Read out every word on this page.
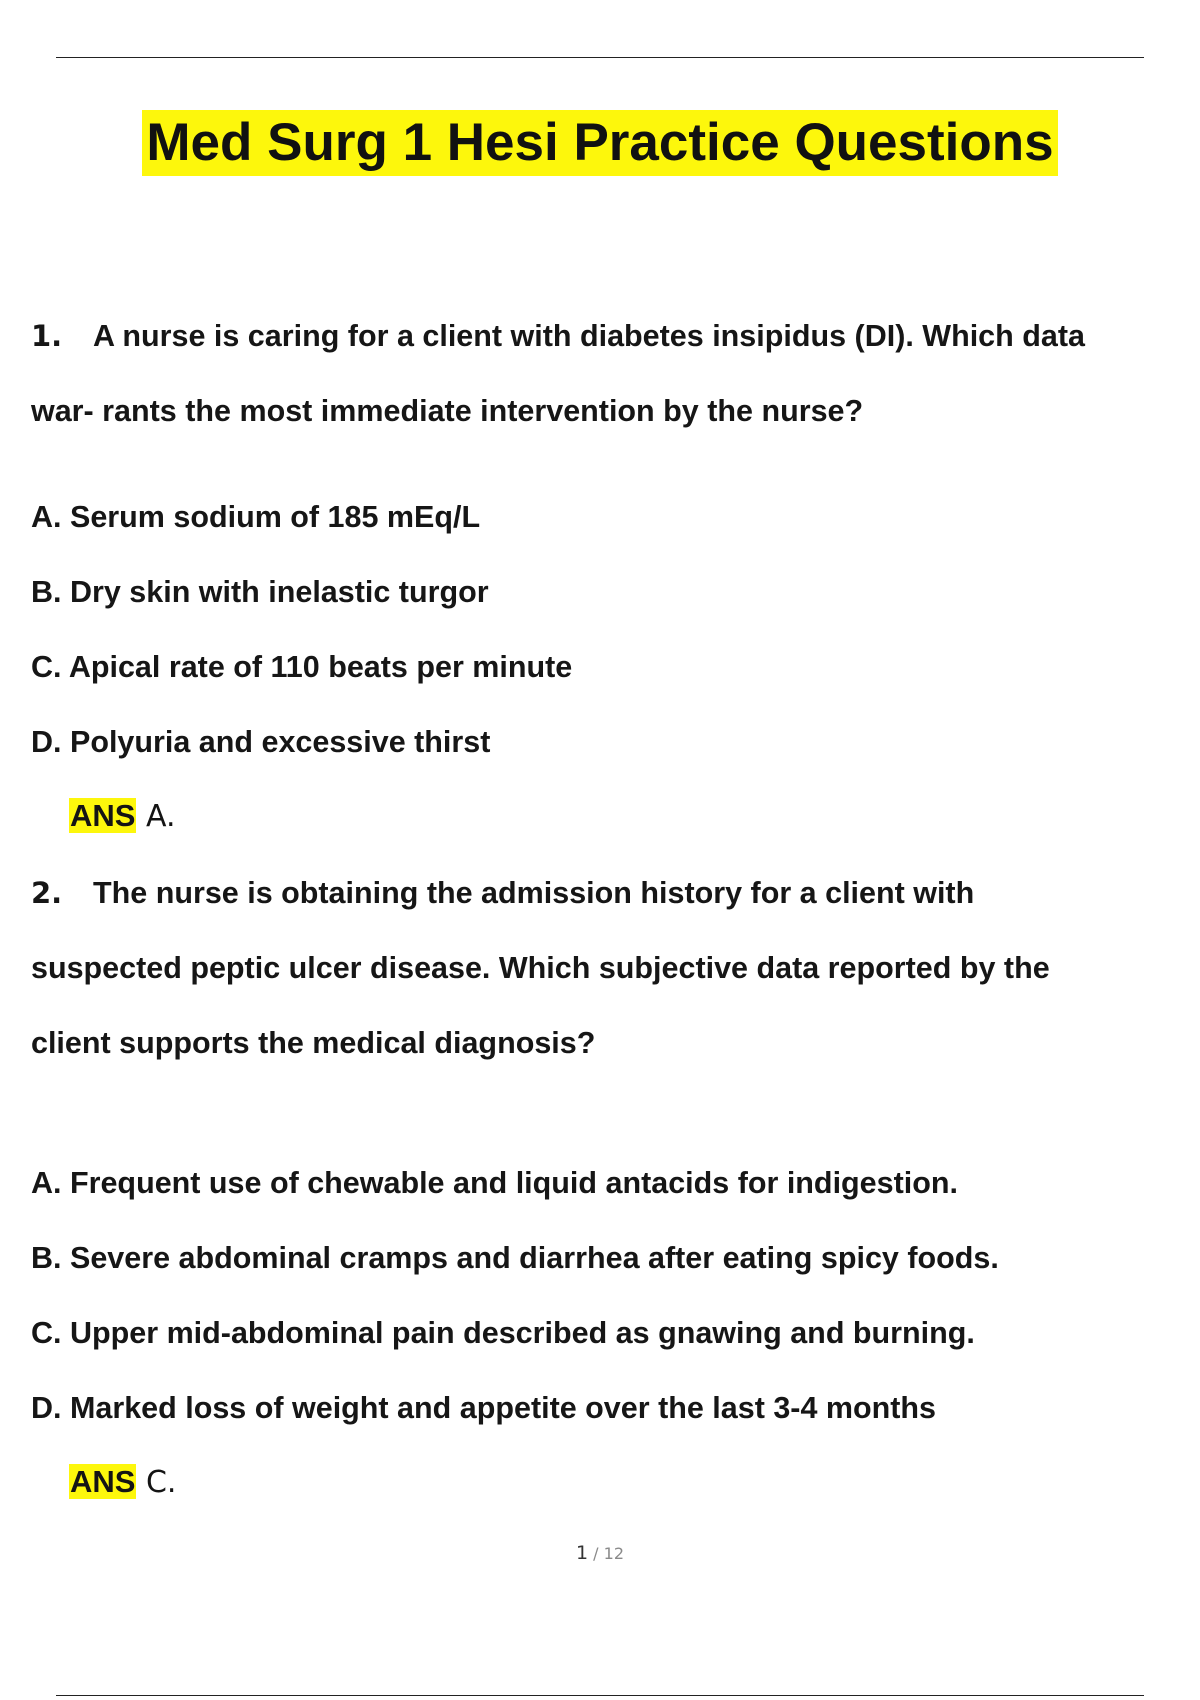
Med Surg 1 Hesi Practice Questions
1. A nurse is caring for a client with diabetes insipidus (DI). Which data
war- rants the most immediate intervention by the nurse?
A. Serum sodium of 185 mEq/L
B. Dry skin with inelastic turgor
C. Apical rate of 110 beats per minute
D. Polyuria and excessive thirst
ANS A.
2. The nurse is obtaining the admission history for a client with
suspected peptic ulcer disease. Which subjective data reported by the
client supports the medical diagnosis?
A. Frequent use of chewable and liquid antacids for indigestion.
B. Severe abdominal cramps and diarrhea after eating spicy foods.
C. Upper mid-abdominal pain described as gnawing and burning.
D. Marked loss of weight and appetite over the last 3-4 months
ANS C.
1 / 12
